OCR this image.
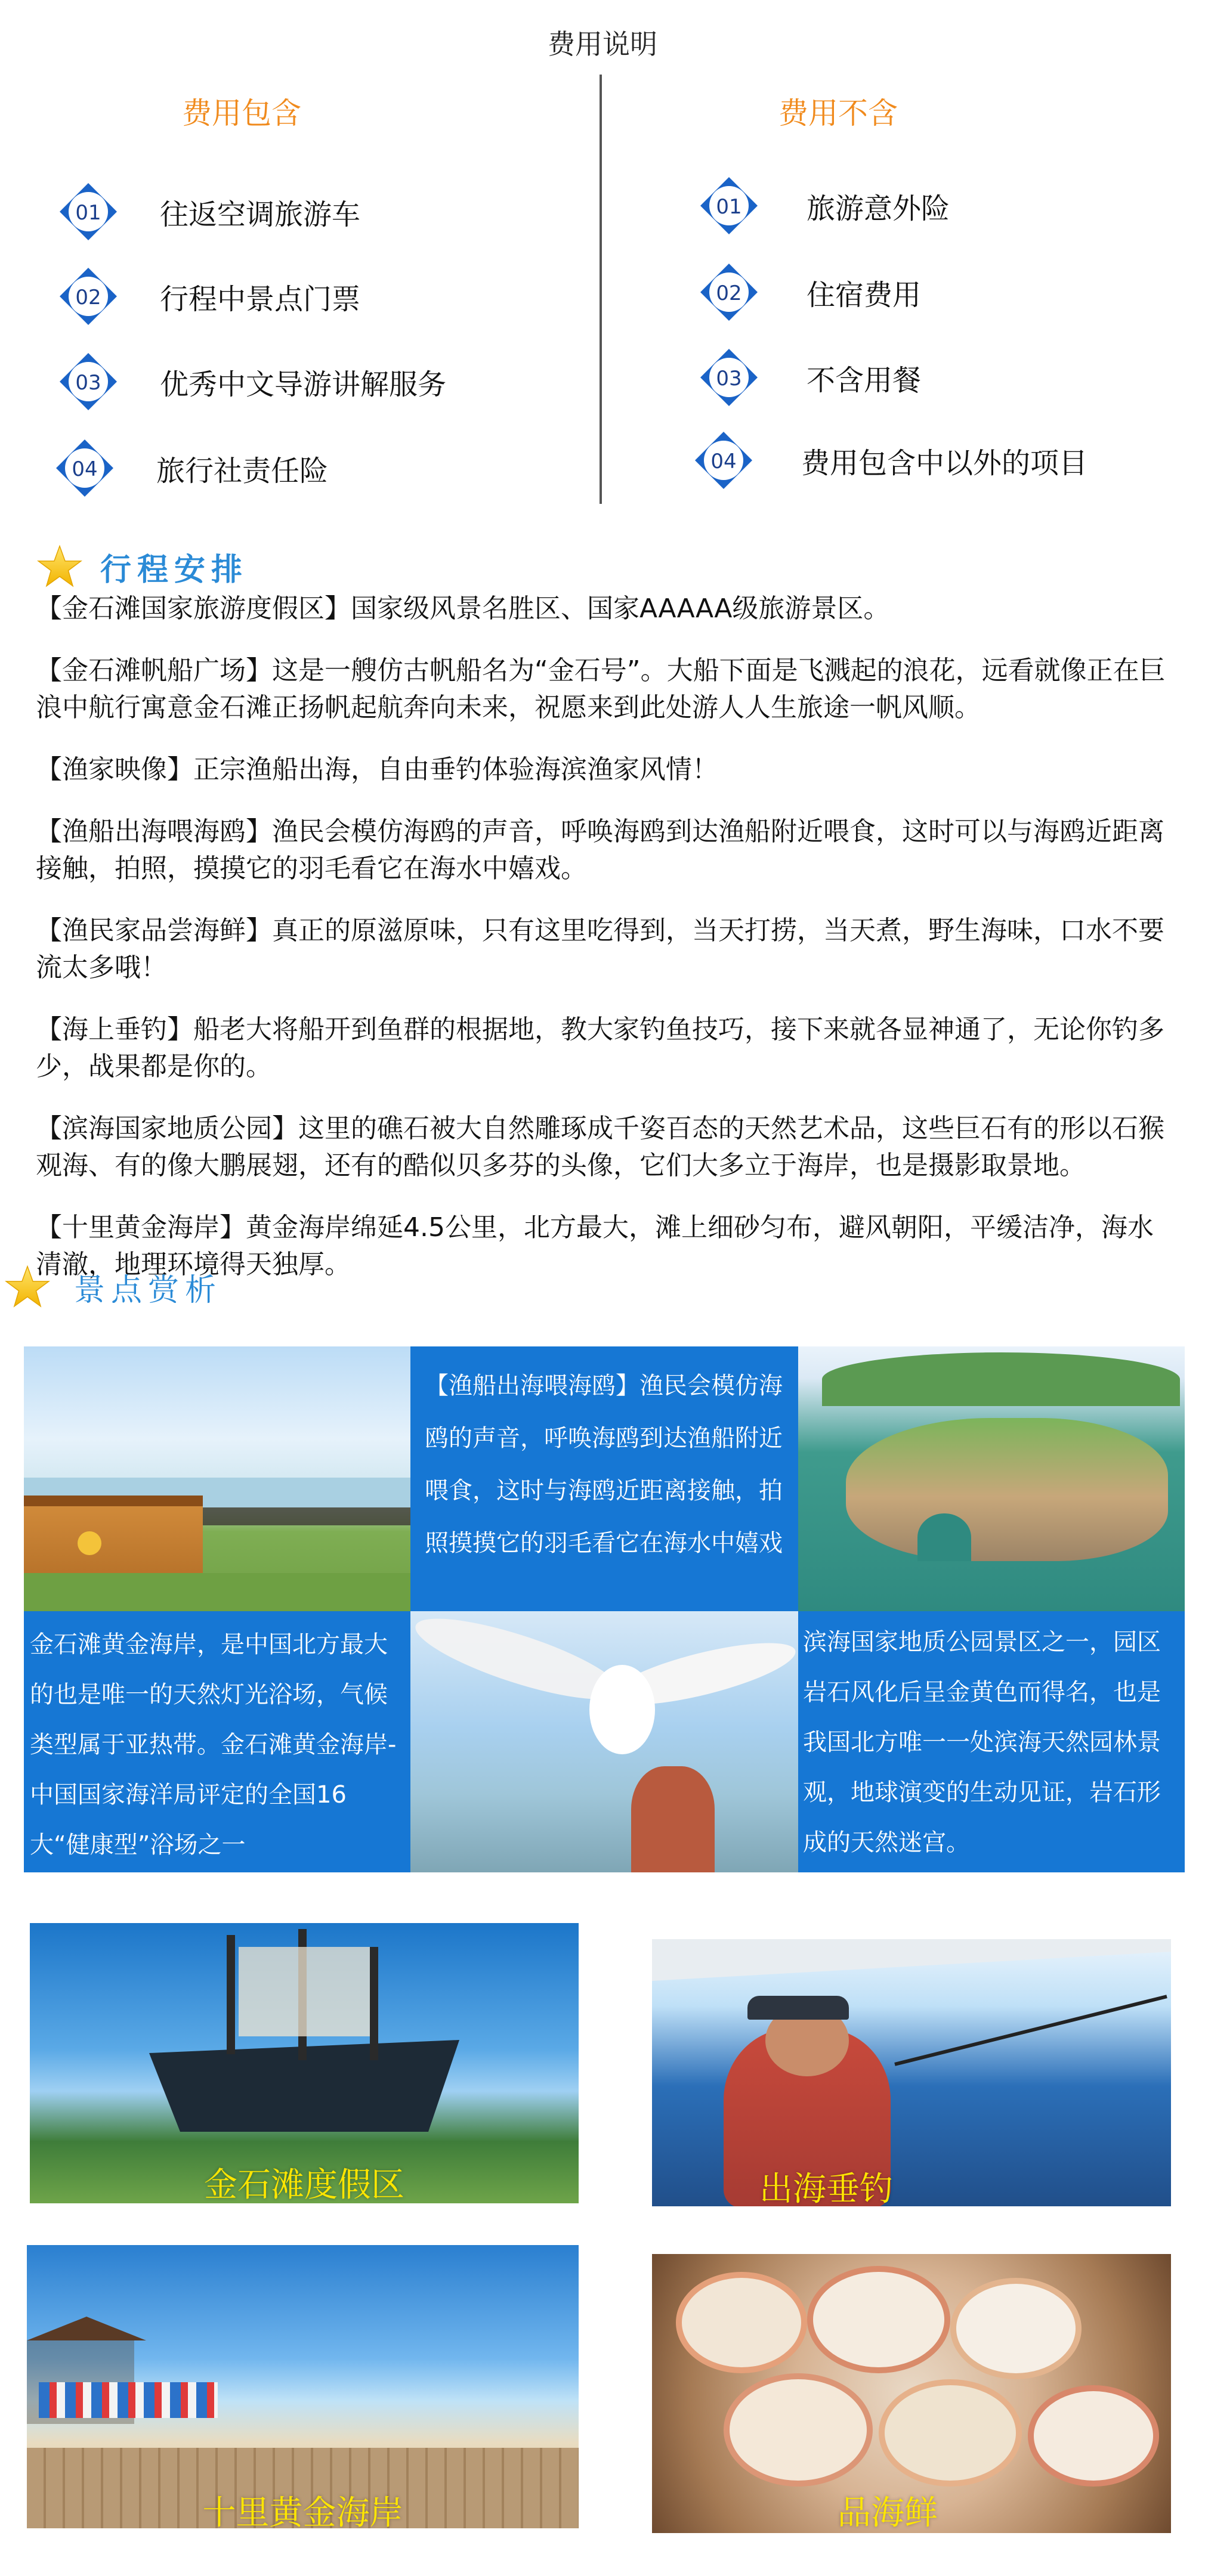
费用说明
费用包含	费用不含
01	往返空调旅游车
02	行程中景点门票
03	优秀中文导游讲解服务
04	旅行社责任险
01	旅游意外险
02	住宿费用
03	不含用餐
04	费用包含中以外的项目
行程安排

【金石滩国家旅游度假区】国家级风景名胜区、国家AAAAA级旅游景区。

【金石滩帆船广场】这是一艘仿古帆船名为“金石号”。大船下面是飞溅起的浪花，远看就像正在巨浪中航行寓意金石滩正扬帆起航奔向未来，祝愿来到此处游人人生旅途一帆风顺。

【渔家映像】正宗渔船出海，自由垂钓体验海滨渔家风情！

【渔船出海喂海鸥】渔民会模仿海鸥的声音，呼唤海鸥到达渔船附近喂食，这时可以与海鸥近距离接触，拍照，摸摸它的羽毛看它在海水中嬉戏。

【渔民家品尝海鲜】真正的原滋原味，只有这里吃得到，当天打捞，当天煮，野生海味，口水不要流太多哦！

【海上垂钓】船老大将船开到鱼群的根据地，教大家钓鱼技巧，接下来就各显神通了，无论你钓多少，战果都是你的。

【滨海国家地质公园】这里的礁石被大自然雕琢成千姿百态的天然艺术品，这些巨石有的形以石猴观海、有的像大鹏展翅，还有的酷似贝多芬的头像，它们大多立于海岸，也是摄影取景地。

【十里黄金海岸】黄金海岸绵延4.5公里，北方最大，滩上细砂匀布，避风朝阳，平缓洁净，海水清澈，地理环境得天独厚。

景点赏析
【渔船出海喂海鸥】渔民会模仿海鸥的声音，呼唤海鸥到达渔船附近喂食，这时与海鸥近距离接触，拍照摸摸它的羽毛看它在海水中嬉戏
金石滩黄金海岸，是中国北方最大的也是唯一的天然灯光浴场，气候类型属于亚热带。金石滩黄金海岸-中国国家海洋局评定的全国16大“健康型”浴场之一
滨海国家地质公园景区之一，园区岩石风化后呈金黄色而得名，也是我国北方唯一一处滨海天然园林景观，地球演变的生动见证，岩石形成的天然迷宫。
金石滩度假区	出海垂钓
十里黄金海岸	品海鲜
